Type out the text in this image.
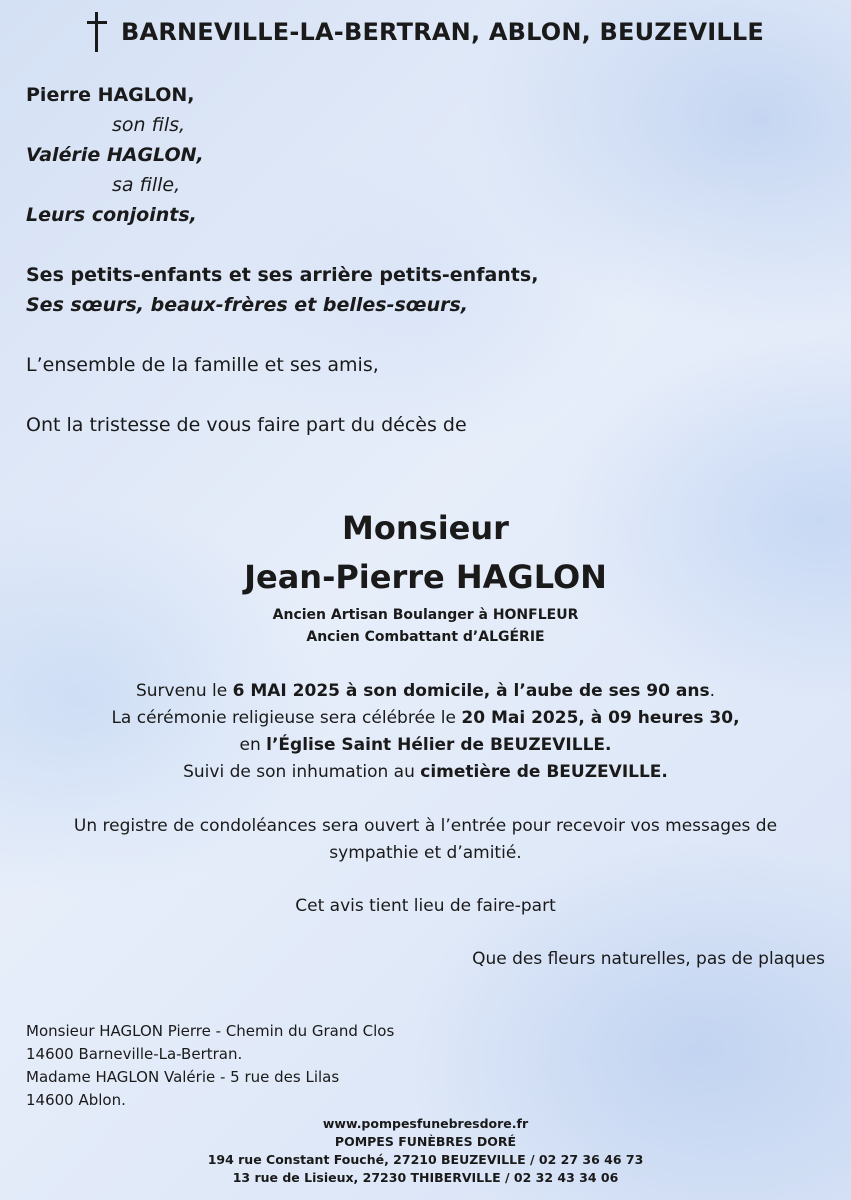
BARNEVILLE-LA-BERTRAN, ABLON, BEUZEVILLE
Pierre HAGLON,
son fils,
Valérie HAGLON,
sa fille,
Leurs conjoints,
Ses petits-enfants et ses arrière petits-enfants,
Ses sœurs, beaux-frères et belles-sœurs,
L’ensemble de la famille et ses amis,
Ont la tristesse de vous faire part du décès de
Monsieur
Jean-Pierre HAGLON
Ancien Artisan Boulanger à HONFLEUR
Ancien Combattant d’ALGÉRIE
Survenu le 6 MAI 2025 à son domicile, à l’aube de ses 90 ans.
La cérémonie religieuse sera célébrée le 20 Mai 2025, à 09 heures 30,
en l’Église Saint Hélier de BEUZEVILLE.
Suivi de son inhumation au cimetière de BEUZEVILLE.
Un registre de condoléances sera ouvert à l’entrée pour recevoir vos messages de
sympathie et d’amitié.
Cet avis tient lieu de faire-part
Que des fleurs naturelles, pas de plaques
Monsieur HAGLON Pierre - Chemin du Grand Clos
14600 Barneville-La-Bertran.
Madame HAGLON Valérie - 5 rue des Lilas
14600 Ablon.
www.pompesfunebresdore.fr
POMPES FUNÈBRES DORÉ
194 rue Constant Fouché, 27210 BEUZEVILLE / 02 27 36 46 73
13 rue de Lisieux, 27230 THIBERVILLE / 02 32 43 34 06
